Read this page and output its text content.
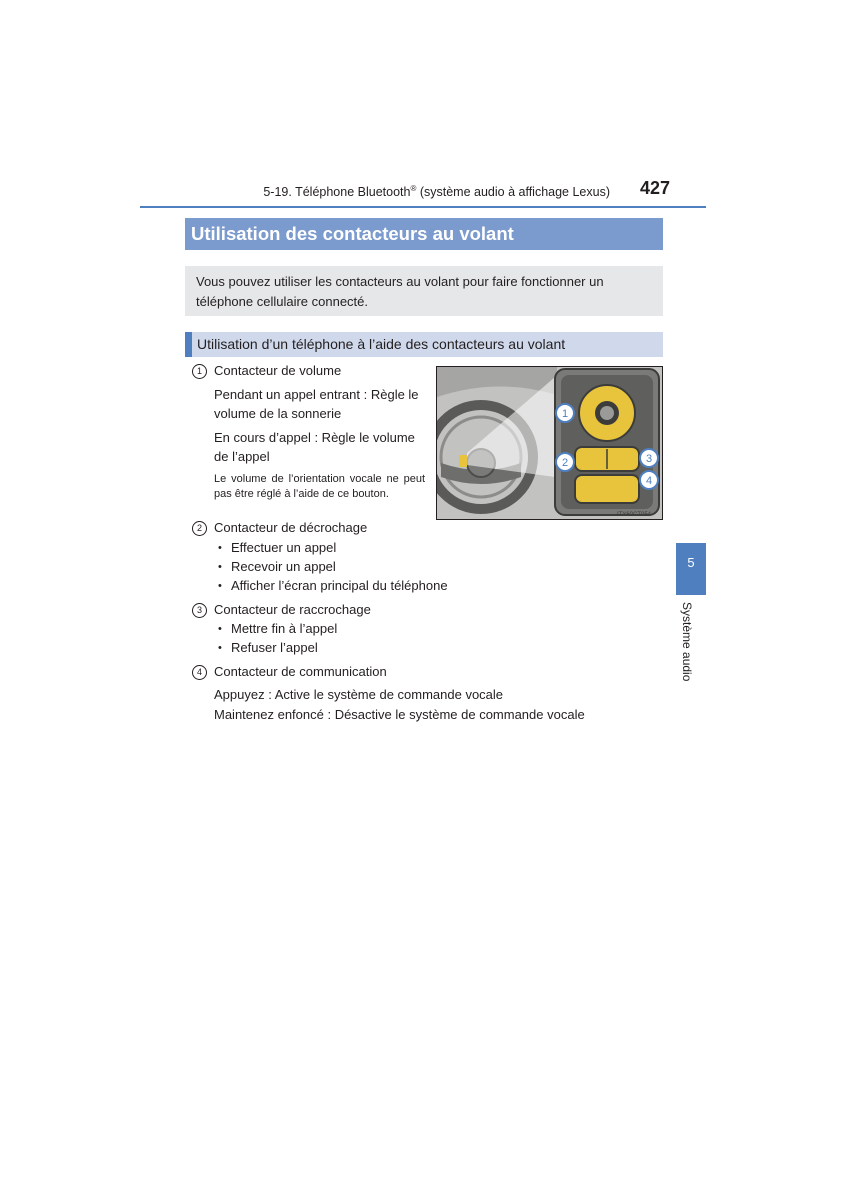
5-19. Téléphone Bluetooth® (système audio à affichage Lexus) 427
Utilisation des contacteurs au volant
Vous pouvez utiliser les contacteurs au volant pour faire fonctionner un téléphone cellulaire connecté.
Utilisation d’un téléphone à l’aide des contacteurs au volant
1 Contacteur de volume
Pendant un appel entrant : Règle le
volume de la sonnerie
En cours d’appel : Règle le volume
de l’appel
Le volume de l’orientation vocale ne peut pas être réglé à l’aide de ce bouton.
1
2	3
4
ITY60CT054
2 Contacteur de décrochage
• Effectuer un appel
• Recevoir un appel
• Afficher l’écran principal du téléphone
3 Contacteur de raccrochage
• Mettre fin à l’appel
• Refuser l’appel
4 Contacteur de communication
Appuyez : Active le système de commande vocale
Maintenez enfoncé : Désactive le système de commande vocale
5
Système audio
